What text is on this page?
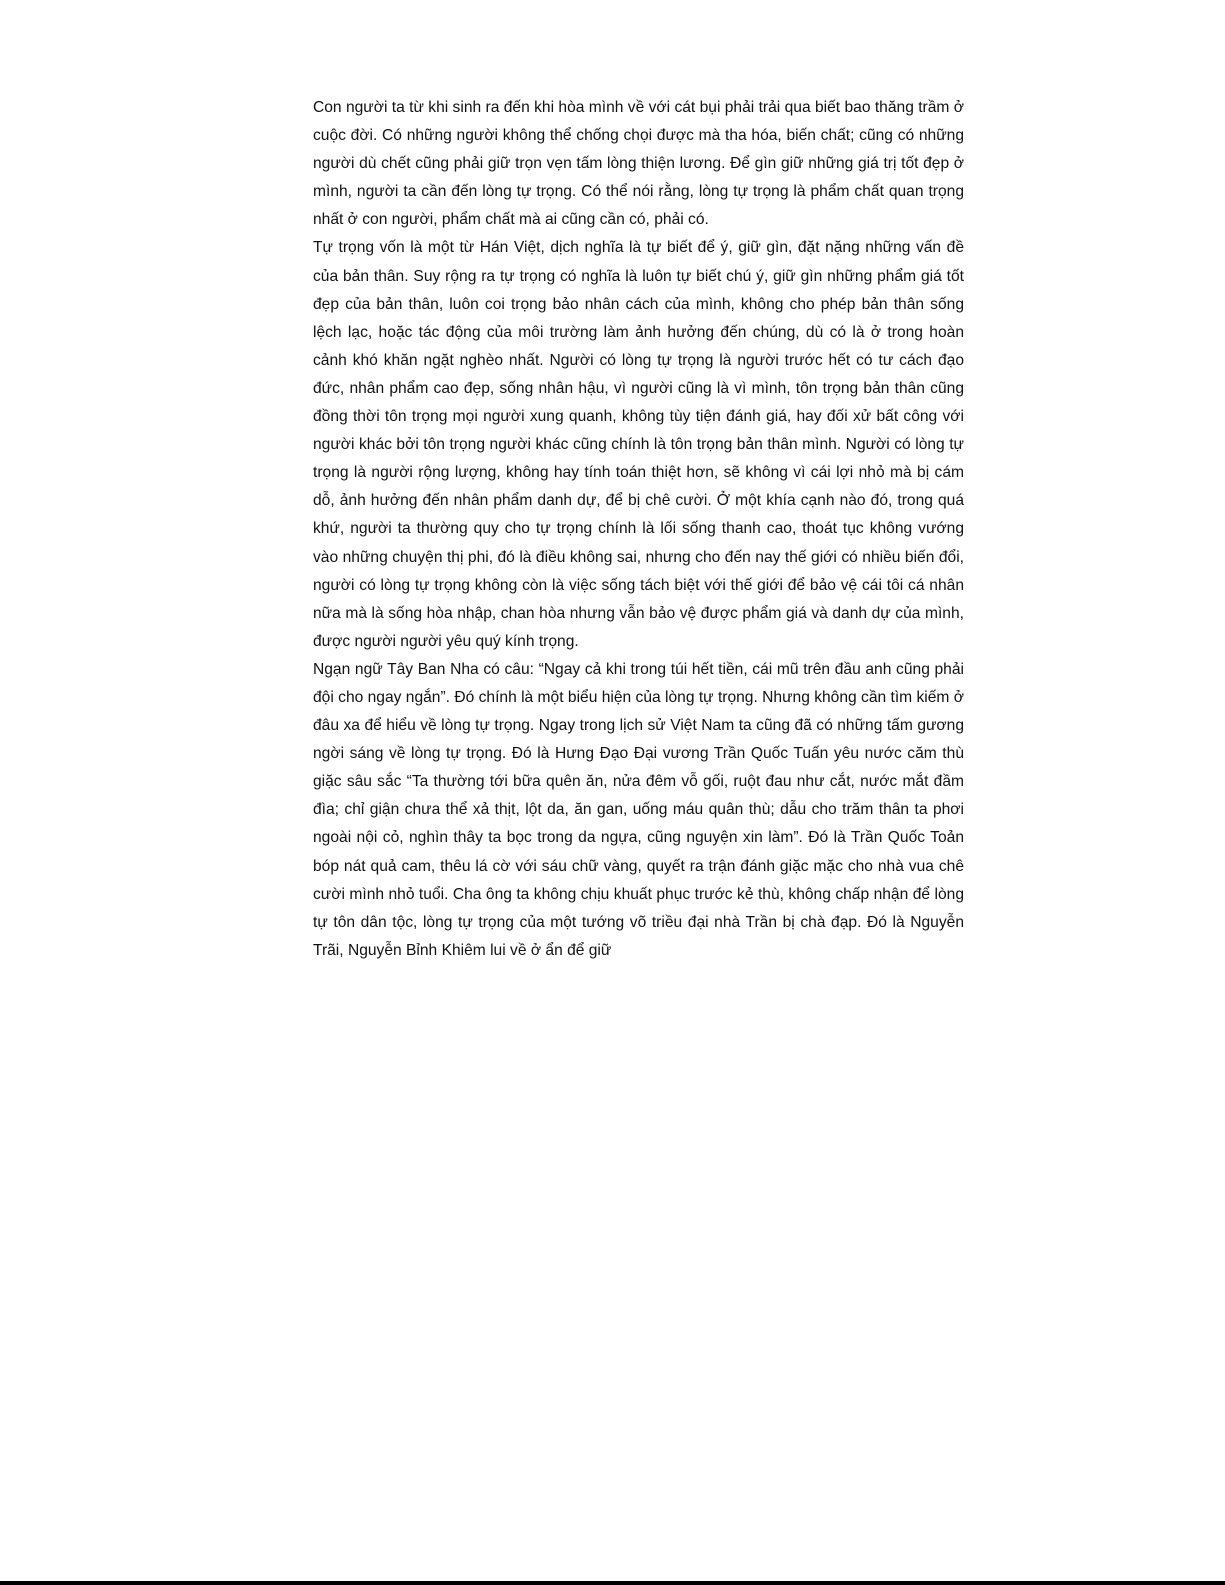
Con người ta từ khi sinh ra đến khi hòa mình về với cát bụi phải trải qua biết bao thăng trầm ở cuộc đời. Có những người không thể chống chọi được mà tha hóa, biến chất; cũng có những người dù chết cũng phải giữ trọn vẹn tấm lòng thiện lương. Để gìn giữ những giá trị tốt đẹp ở mình, người ta cần đến lòng tự trọng. Có thể nói rằng, lòng tự trọng là phẩm chất quan trọng nhất ở con người, phẩm chất mà ai cũng cần có, phải có.

Tự trọng vốn là một từ Hán Việt, dịch nghĩa là tự biết để ý, giữ gìn, đặt nặng những vấn đề của bản thân. Suy rộng ra tự trọng có nghĩa là luôn tự biết chú ý, giữ gìn những phẩm giá tốt đẹp của bản thân, luôn coi trọng bảo nhân cách của mình, không cho phép bản thân sống lệch lạc, hoặc tác động của môi trường làm ảnh hưởng đến chúng, dù có là ở trong hoàn cảnh khó khăn ngặt nghèo nhất. Người có lòng tự trọng là người trước hết có tư cách đạo đức, nhân phẩm cao đẹp, sống nhân hậu, vì người cũng là vì mình, tôn trọng bản thân cũng đồng thời tôn trọng mọi người xung quanh, không tùy tiện đánh giá, hay đối xử bất công với người khác bởi tôn trọng người khác cũng chính là tôn trọng bản thân mình. Người có lòng tự trọng là người rộng lượng, không hay tính toán thiệt hơn, sẽ không vì cái lợi nhỏ mà bị cám dỗ, ảnh hưởng đến nhân phẩm danh dự, để bị chê cười. Ở một khía cạnh nào đó, trong quá khứ, người ta thường quy cho tự trọng chính là lối sống thanh cao, thoát tục không vướng vào những chuyện thị phi, đó là điều không sai, nhưng cho đến nay thế giới có nhiều biến đổi, người có lòng tự trọng không còn là việc sống tách biệt với thế giới để bảo vệ cái tôi cá nhân nữa mà là sống hòa nhập, chan hòa nhưng vẫn bảo vệ được phẩm giá và danh dự của mình, được người người yêu quý kính trọng.

Ngạn ngữ Tây Ban Nha có câu: “Ngay cả khi trong túi hết tiền, cái mũ trên đầu anh cũng phải đội cho ngay ngắn”. Đó chính là một biểu hiện của lòng tự trọng. Nhưng không cần tìm kiếm ở đâu xa để hiểu về lòng tự trọng. Ngay trong lịch sử Việt Nam ta cũng đã có những tấm gương ngời sáng về lòng tự trọng. Đó là Hưng Đạo Đại vương Trần Quốc Tuấn yêu nước căm thù giặc sâu sắc “Ta thường tới bữa quên ăn, nửa đêm vỗ gối, ruột đau như cắt, nước mắt đầm đìa; chỉ giận chưa thể xả thịt, lột da, ăn gan, uống máu quân thù; dẫu cho trăm thân ta phơi ngoài nội cỏ, nghìn thây ta bọc trong da ngựa, cũng nguyện xin làm”. Đó là Trần Quốc Toản bóp nát quả cam, thêu lá cờ với sáu chữ vàng, quyết ra trận đánh giặc mặc cho nhà vua chê cười mình nhỏ tuổi. Cha ông ta không chịu khuất phục trước kẻ thù, không chấp nhận để lòng tự tôn dân tộc, lòng tự trọng của một tướng võ triều đại nhà Trần bị chà đạp. Đó là Nguyễn Trãi, Nguyễn Bỉnh Khiêm lui về ở ẩn để giữ
